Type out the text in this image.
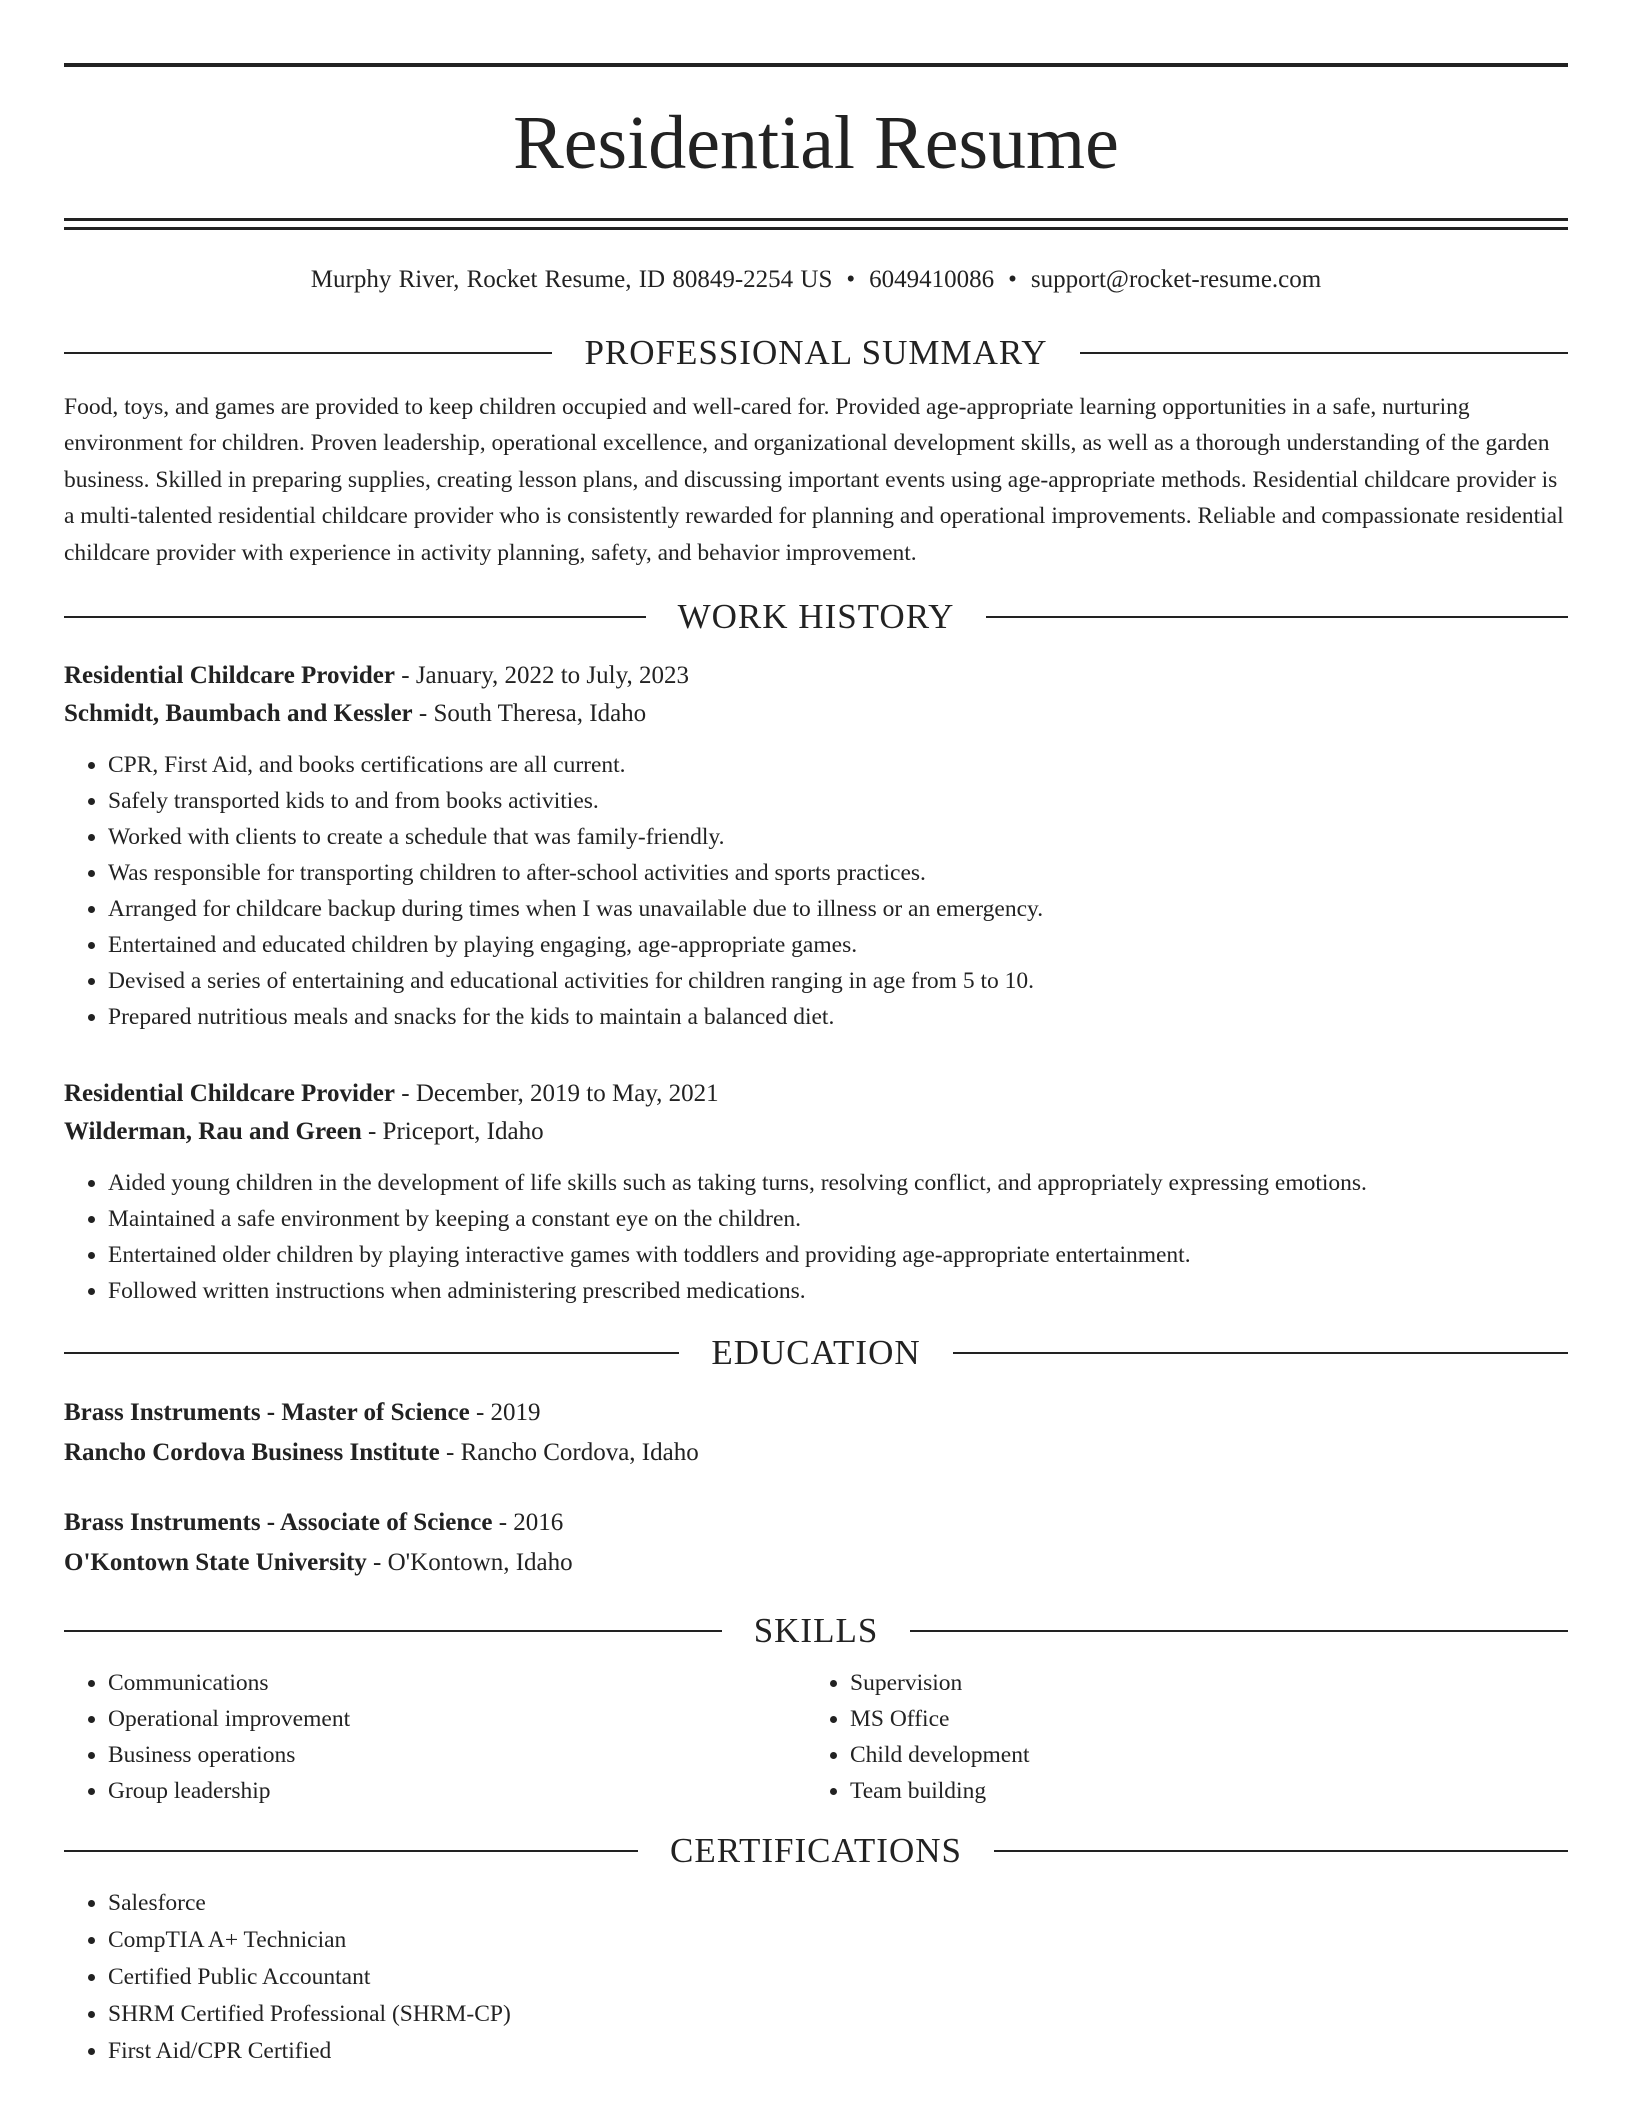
Residential Resume
Murphy River, Rocket Resume, ID 80849-2254 US • 6049410086 • support@rocket-resume.com
PROFESSIONAL SUMMARY
Food, toys, and games are provided to keep children occupied and well-cared for. Provided age-appropriate learning opportunities in a safe, nurturing environment for children. Proven leadership, operational excellence, and organizational development skills, as well as a thorough understanding of the garden business. Skilled in preparing supplies, creating lesson plans, and discussing important events using age-appropriate methods. Residential childcare provider is a multi-talented residential childcare provider who is consistently rewarded for planning and operational improvements. Reliable and compassionate residential childcare provider with experience in activity planning, safety, and behavior improvement.
WORK HISTORY
Residential Childcare Provider - January, 2022 to July, 2023
Schmidt, Baumbach and Kessler - South Theresa, Idaho
• CPR, First Aid, and books certifications are all current.
• Safely transported kids to and from books activities.
• Worked with clients to create a schedule that was family-friendly.
• Was responsible for transporting children to after-school activities and sports practices.
• Arranged for childcare backup during times when I was unavailable due to illness or an emergency.
• Entertained and educated children by playing engaging, age-appropriate games.
• Devised a series of entertaining and educational activities for children ranging in age from 5 to 10.
• Prepared nutritious meals and snacks for the kids to maintain a balanced diet.
Residential Childcare Provider - December, 2019 to May, 2021
Wilderman, Rau and Green - Priceport, Idaho
• Aided young children in the development of life skills such as taking turns, resolving conflict, and appropriately expressing emotions.
• Maintained a safe environment by keeping a constant eye on the children.
• Entertained older children by playing interactive games with toddlers and providing age-appropriate entertainment.
• Followed written instructions when administering prescribed medications.
EDUCATION
Brass Instruments - Master of Science - 2019
Rancho Cordova Business Institute - Rancho Cordova, Idaho
Brass Instruments - Associate of Science - 2016
O'Kontown State University - O'Kontown, Idaho
SKILLS
• Communications
• Operational improvement
• Business operations
• Group leadership
• Supervision
• MS Office
• Child development
• Team building
CERTIFICATIONS
• Salesforce
• CompTIA A+ Technician
• Certified Public Accountant
• SHRM Certified Professional (SHRM-CP)
• First Aid/CPR Certified
